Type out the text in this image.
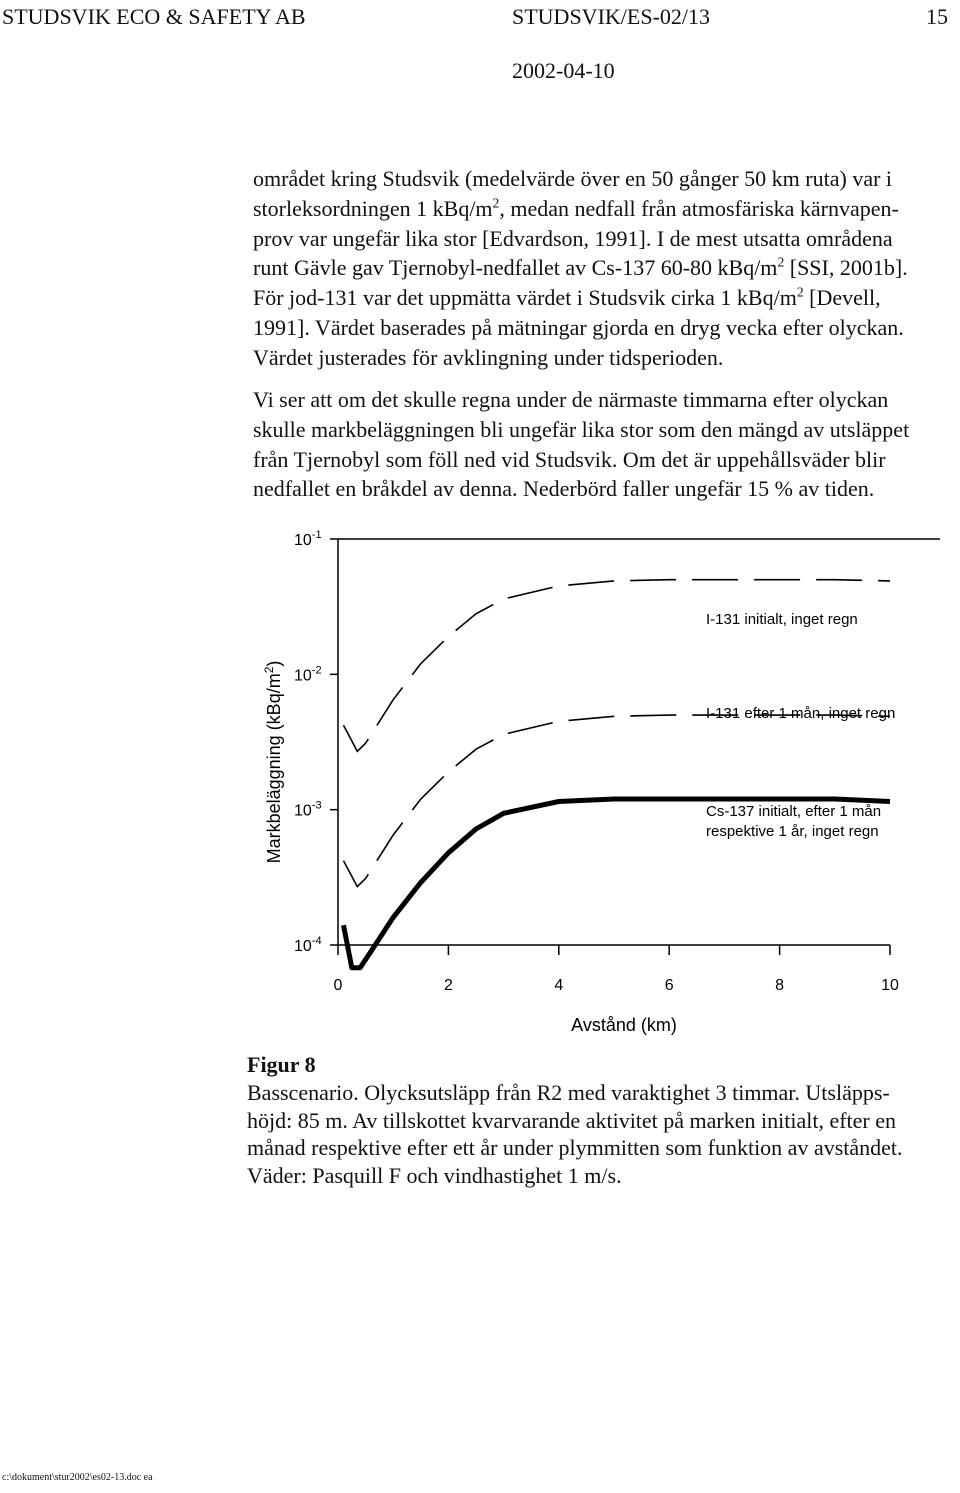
STUDSVIK ECO & SAFETY AB	STUDSVIK/ES-02/13	15
2002-04-10
området kring Studsvik (medelvärde över en 50 gånger 50 km ruta) var i
storleksordningen 1 kBq/$m^2$, medan nedfall från atmosfäriska kärnvapen-
prov var ungefär lika stor [Edvardson, 1991]. I de mest utsatta områdena
runt Gävle gav Tjernobyl-nedfallet av Cs-137 60-80 kBq/$m^2$ [SSI, 2001b].
För jod-131 var det uppmätta värdet i Studsvik cirka 1 kBq/$m^2$ [Devell,
1991]. Värdet baserades på mätningar gjorda en dryg vecka efter olyckan.
Värdet justerades för avklingning under tidsperioden.
Vi ser att om det skulle regna under de närmaste timmarna efter olyckan
skulle markbeläggningen bli ungefär lika stor som den mängd av utsläppet
från Tjernobyl som föll ned vid Studsvik. Om det är uppehållsväder blir
nedfallet en bråkdel av denna. Nederbörd faller ungefär 15 % av tiden.
$10^{-1}$
$10^{-2}$
$10^{-3}$
$10^{-4}$
0	2	4	6	8	10
Avstånd (km)
Markbeläggning $(kBq/m^2)$
I-131 initialt, inget regn
I-131 efter 1 mån, inget regn
Cs-137 initialt, efter 1 mån
respektive 1 år, inget regn
Figur 8
Basscenario. Olycksutsläpp från R2 med varaktighet 3 timmar. Utsläpps-
höjd: 85 m. Av tillskottet kvarvarande aktivitet på marken initialt, efter en
månad respektive efter ett år under plymmitten som funktion av avståndet.
Väder: Pasquill F och vindhastighet 1 m/s.
c:\dokument\stur2002\es02-13.doc ea
